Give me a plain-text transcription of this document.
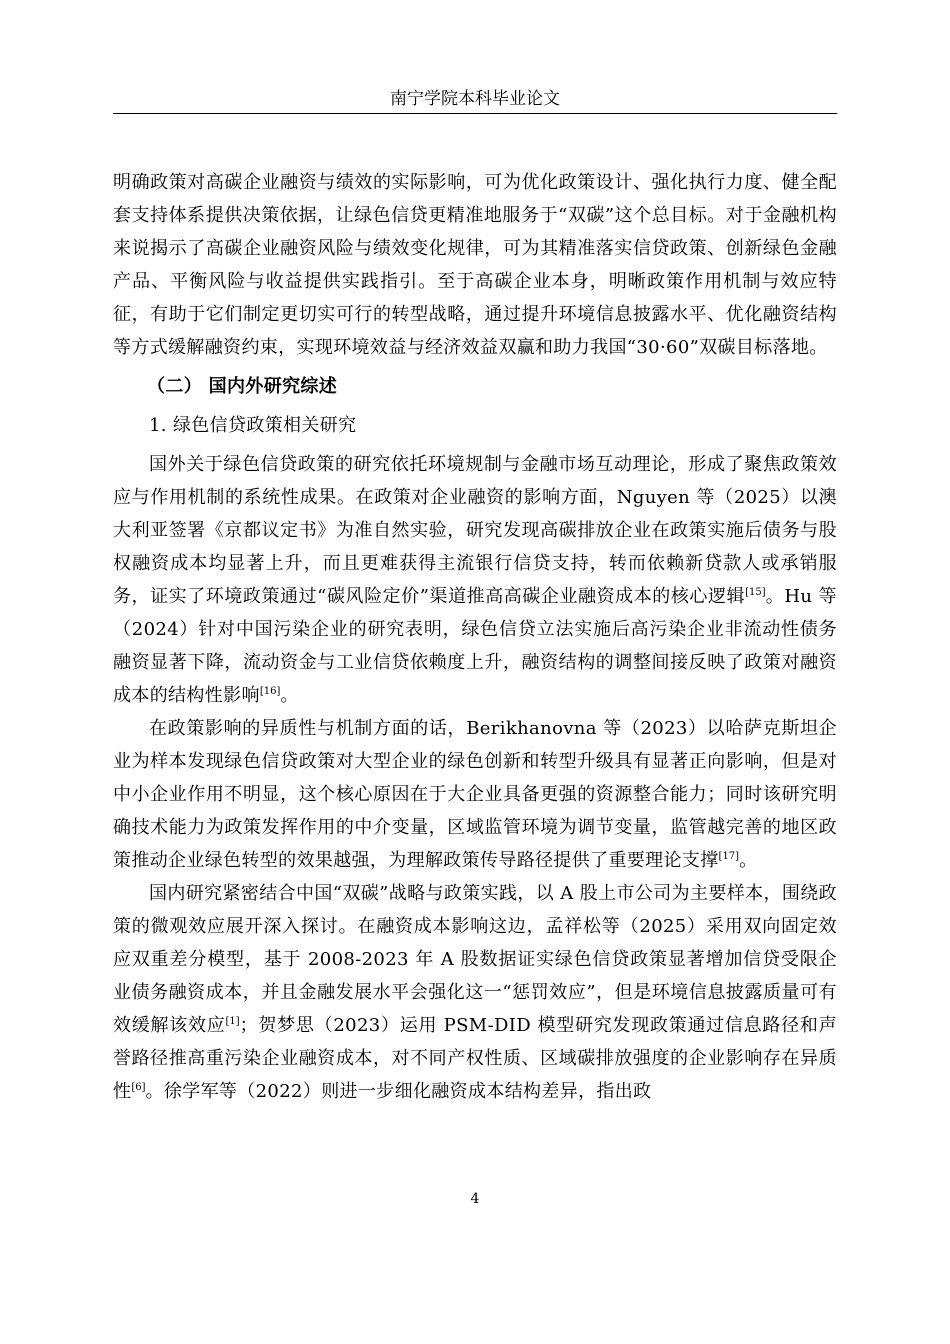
南宁学院本科毕业论文

明确政策对高碳企业融资与绩效的实际影响，可为优化政策设计、强化执行力度、健全配套支持体系提供决策依据，让绿色信贷更精准地服务于“双碳”这个总目标。对于金融机构来说揭示了高碳企业融资风险与绩效变化规律，可为其精准落实信贷政策、创新绿色金融产品、平衡风险与收益提供实践指引。至于高碳企业本身，明晰政策作用机制与效应特征，有助于它们制定更切实可行的转型战略，通过提升环境信息披露水平、优化融资结构等方式缓解融资约束，实现环境效益与经济效益双赢和助力我国“30·60”双碳目标落地。

（二） 国内外研究综述

1. 绿色信贷政策相关研究

国外关于绿色信贷政策的研究依托环境规制与金融市场互动理论，形成了聚焦政策效应与作用机制的系统性成果。在政策对企业融资的影响方面，Nguyen 等（2025）以澳大利亚签署《京都议定书》为准自然实验，研究发现高碳排放企业在政策实施后债务与股权融资成本均显著上升，而且更难获得主流银行信贷支持，转而依赖新贷款人或承销服务，证实了环境政策通过“碳风险定价”渠道推高高碳企业融资成本的核心逻辑[15]。Hu 等（2024）针对中国污染企业的研究表明，绿色信贷立法实施后高污染企业非流动性债务融资显著下降，流动资金与工业信贷依赖度上升，融资结构的调整间接反映了政策对融资成本的结构性影响[16]。

在政策影响的异质性与机制方面的话，Berikhanovna 等（2023）以哈萨克斯坦企业为样本发现绿色信贷政策对大型企业的绿色创新和转型升级具有显著正向影响，但是对中小企业作用不明显，这个核心原因在于大企业具备更强的资源整合能力；同时该研究明确技术能力为政策发挥作用的中介变量，区域监管环境为调节变量，监管越完善的地区政策推动企业绿色转型的效果越强，为理解政策传导路径提供了重要理论支撑[17]。

国内研究紧密结合中国“双碳”战略与政策实践，以 A 股上市公司为主要样本，围绕政策的微观效应展开深入探讨。在融资成本影响这边，孟祥松等（2025）采用双向固定效应双重差分模型，基于 2008-2023 年 A 股数据证实绿色信贷政策显著增加信贷受限企业债务融资成本，并且金融发展水平会强化这一“惩罚效应”，但是环境信息披露质量可有效缓解该效应[1]；贺梦思（2023）运用 PSM-DID 模型研究发现政策通过信息路径和声誉路径推高重污染企业融资成本，对不同产权性质、区域碳排放强度的企业影响存在异质性[6]。徐学军等（2022）则进一步细化融资成本结构差异，指出政

4
